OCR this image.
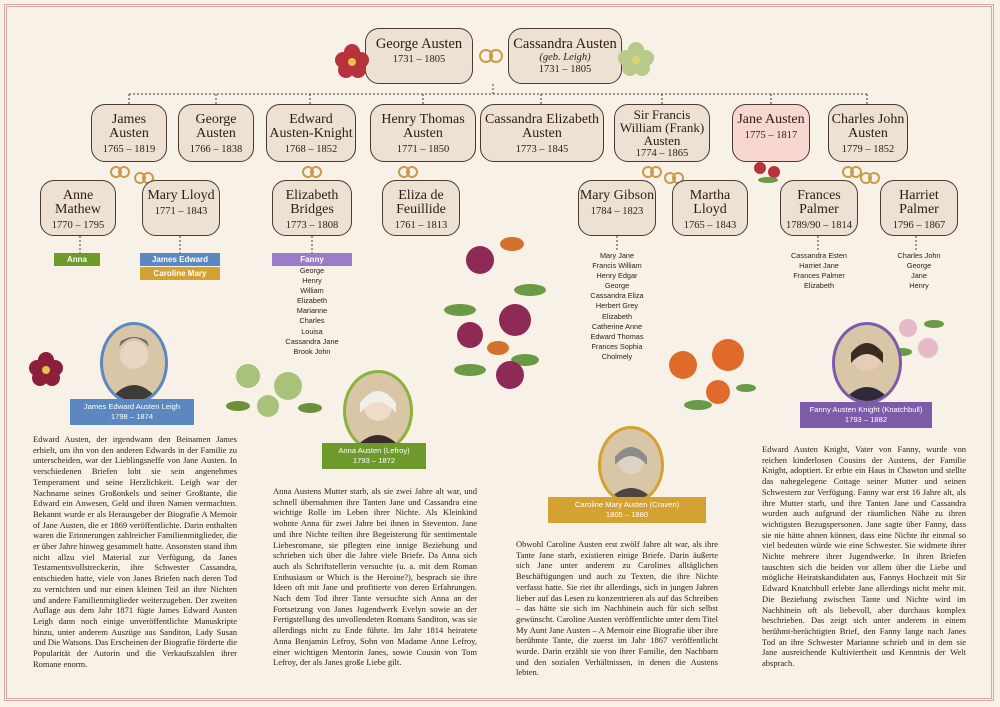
George Austen
1731 – 1805
Cassandra Austen
(geb. Leigh)
1731 – 1805
James Austen
1765 – 1819
George Austen
1766 – 1838
Edward Austen-Knight
1768 – 1852
Henry Thomas Austen
1771 – 1850
Cassandra Elizabeth Austen
1773 – 1845
Sir Francis William (Frank) Austen
1774 – 1865
Jane Austen
1775 – 1817
Charles John Austen
1779 – 1852
Anne Mathew
1770 – 1795
Mary Lloyd
1771 – 1843
Elizabeth Bridges
1773 – 1808
Eliza de Feuillide
1761 – 1813
Mary Gibson
1784 – 1823
Martha Lloyd
1765 – 1843
Frances Palmer
1789/90 – 1814
Harriet Palmer
1796 – 1867
Anna	James Edward
Caroline Mary
Fanny
George
Henry
William
Elizabeth
Marianne
Charles
Louisa
Cassandra Jane
Brook John
Mary Jane
Francis William
Henry Edgar
George
Cassandra Eliza
Herbert Grey
Elizabeth
Catherine Anne
Edward Thomas
Frances Sophia
Cholmely
Cassandra Esten
Harriet Jane
Frances Palmer
Elizabeth
Charles John
George
Jane
Henry
James Edward Austen Leigh
1798 – 1874
Anna Austen (Lefroy)
1793 – 1872
Caroline Mary Austen (Craven)
1805 – 1880
Fanny Austen Knight (Knatchbull)
1793 – 1882
Edward Austen, der irgendwann den Beinamen James erhielt, um ihn von den anderen Edwards in der Familie zu unterscheiden, war der Lieblingsneffe von Jane Austen. In verschiedenen Briefen lobt sie sein angenehmes Temperament und seine Herzlichkeit. Leigh war der Nachname seines Großonkels und seiner Großtante, die Edward ein Anwesen, Geld und ihren Namen vermachten. Bekannt wurde er als Herausgeber der Biografie A Memoir of Jane Austen, die er 1869 veröffentlichte. Darin enthalten waren die Erinnerungen zahlreicher Familienmitglieder, die er über Jahre hinweg gesammelt hatte. Ansonsten stand ihm nicht allzu viel Material zur Verfügung, da Janes Testamentsvollstreckerin, ihre Schwester Cassandra, entschieden hatte, viele von Janes Briefen nach deren Tod zu vernichten und nur einen kleinen Teil an ihre Nichten und andere Familienmitglieder weiterzugeben. Der zweiten Auflage aus dem Jahr 1871 fügte James Edward Austen Leigh dann noch einige unveröffentlichte Manuskripte hinzu, unter anderem Auszüge aus Sanditon, Lady Susan und Die Watsons. Das Erscheinen der Biografie förderte die Popularität der Autorin und die Verkaufszahlen ihrer Romane enorm.
Anna Austens Mutter starb, als sie zwei Jahre alt war, und schnell übernahmen ihre Tanten Jane und Cassandra eine wichtige Rolle im Leben ihrer Nichte. Als Kleinkind wohnte Anna für zwei Jahre bei ihnen in Steventon. Jane und ihre Nichte teilten ihre Begeisterung für sentimentale Liebesromane, sie pflegten eine innige Beziehung und schrieben sich über die Jahre viele Briefe. Da Anna sich auch als Schriftstellerin versuchte (u. a. mit dem Roman Enthusiasm or Which is the Heroine?), besprach sie ihre Ideen oft mit Jane und profitierte von deren Erfahrungen. Nach dem Tod ihrer Tante versuchte sich Anna an der Fortsetzung von Janes Jugendwerk Evelyn sowie an der Fertigstellung des unvollendeten Romans Sanditon, was sie allerdings nicht zu Ende führte. Im Jahr 1814 heiratete Anna Benjamin Lefroy, Sohn von Madame Anne Lefroy, einer wichtigen Mentorin Janes, sowie Cousin von Tom Lefroy, der als Janes große Liebe gilt.
Obwohl Caroline Austen erst zwölf Jahre alt war, als ihre Tante Jane starb, existieren einige Briefe. Darin äußerte sich Jane unter anderem zu Carolines alltäglichen Beschäftigungen und auch zu Texten, die ihre Nichte verfasst hatte. Sie riet ihr allerdings, sich in jungen Jahren lieber auf das Lesen zu konzentrieren als auf das Schreiben – das hätte sie sich im Nachhinein auch für sich selbst gewünscht. Caroline Austen veröffentlichte unter dem Titel My Aunt Jane Austen – A Memoir eine Biografie über ihre berühmte Tante, die zuerst im Jahr 1867 veröffentlicht wurde. Darin erzählt sie von ihrer Familie, den Nachbarn und den sozialen Verhältnissen, in denen die Austens lebten.
Edward Austen Knight, Vater von Fanny, wurde von reichen kinderlosen Cousins der Austens, der Familie Knight, adoptiert. Er erbte ein Haus in Chawton und stellte das nahegelegene Cottage seiner Mutter und seinen Schwestern zur Verfügung. Fanny war erst 16 Jahre alt, als ihre Mutter starb, und ihre Tanten Jane und Cassandra wurden auch aufgrund der räumlichen Nähe zu ihren wichtigsten Bezugspersonen. Jane sagte über Fanny, dass sie nie hätte ahnen können, dass eine Nichte ihr einmal so viel bedeuten würde wie eine Schwester. Sie widmete ihrer Nichte mehrere ihrer Jugendwerke. In ihren Briefen tauschten sich die beiden vor allem über die Liebe und mögliche Heiratskandidaten aus, Fannys Hochzeit mit Sir Edward Knatchbull erlebte Jane allerdings nicht mehr mit. Die Beziehung zwischen Tante und Nichte wird im Nachhinein oft als liebevoll, aber durchaus komplex beschrieben. Das zeigt sich unter anderem in einem berühmt-berüchtigten Brief, den Fanny lange nach Janes Tod an ihre Schwester Marianne schrieb und in dem sie Jane ausreichende Kultiviertheit und Kenntnis der Welt absprach.
